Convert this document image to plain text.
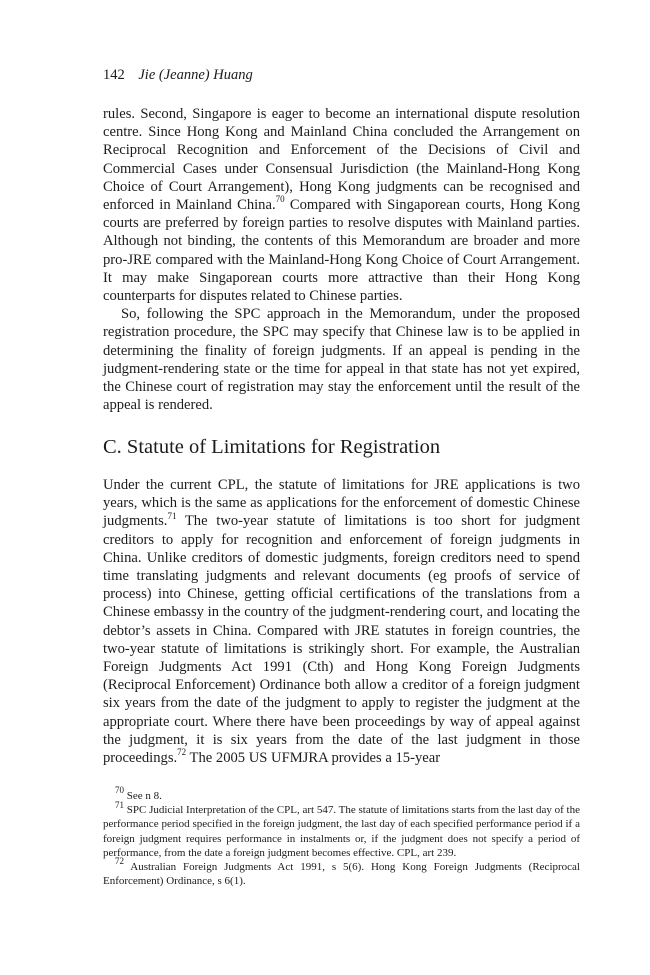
142 Jie (Jeanne) Huang

rules. Second, Singapore is eager to become an international dispute resolution centre. Since Hong Kong and Mainland China concluded the Arrangement on Reciprocal Recognition and Enforcement of the Decisions of Civil and Commercial Cases under Consensual Jurisdiction (the Mainland-Hong Kong Choice of Court Arrangement), Hong Kong judgments can be recognised and enforced in Mainland China.$^{70}$ Compared with Singaporean courts, Hong Kong courts are preferred by foreign parties to resolve disputes with Mainland parties. Although not binding, the contents of this Memorandum are broader and more pro-JRE compared with the Mainland-Hong Kong Choice of Court Arrangement. It may make Singaporean courts more attractive than their Hong Kong counterparts for disputes related to Chinese parties.

So, following the SPC approach in the Memorandum, under the proposed registration procedure, the SPC may specify that Chinese law is to be applied in determining the finality of foreign judgments. If an appeal is pending in the judgment-rendering state or the time for appeal in that state has not yet expired, the Chinese court of registration may stay the enforcement until the result of the appeal is rendered.

C. Statute of Limitations for Registration

Under the current CPL, the statute of limitations for JRE applications is two years, which is the same as applications for the enforcement of domestic Chinese judgments.$^{71}$ The two-year statute of limitations is too short for judgment creditors to apply for recognition and enforcement of foreign judgments in China. Unlike creditors of domestic judgments, foreign creditors need to spend time translating judgments and relevant documents (eg proofs of service of process) into Chinese, getting official certifications of the translations from a Chinese embassy in the country of the judgment-rendering court, and locating the debtor’s assets in China. Compared with JRE statutes in foreign countries, the two-year statute of limitations is strikingly short. For example, the Australian Foreign Judgments Act 1991 (Cth) and Hong Kong Foreign Judgments (Reciprocal Enforcement) Ordinance both allow a creditor of a foreign judgment six years from the date of the judgment to apply to register the judgment at the appropriate court. Where there have been proceedings by way of appeal against the judgment, it is six years from the date of the last judgment in those proceedings.$^{72}$ The 2005 US UFMJRA provides a 15-year

$^{70}$ See n 8.

$^{71}$ SPC Judicial Interpretation of the CPL, art 547. The statute of limitations starts from the last day of the performance period specified in the foreign judgment, the last day of each specified performance period if a foreign judgment requires performance in instalments or, if the judgment does not specify a period of performance, from the date a foreign judgment becomes effective. CPL, art 239.

$^{72}$ Australian Foreign Judgments Act 1991, s 5(6). Hong Kong Foreign Judgments (Reciprocal Enforcement) Ordinance, s 6(1).
